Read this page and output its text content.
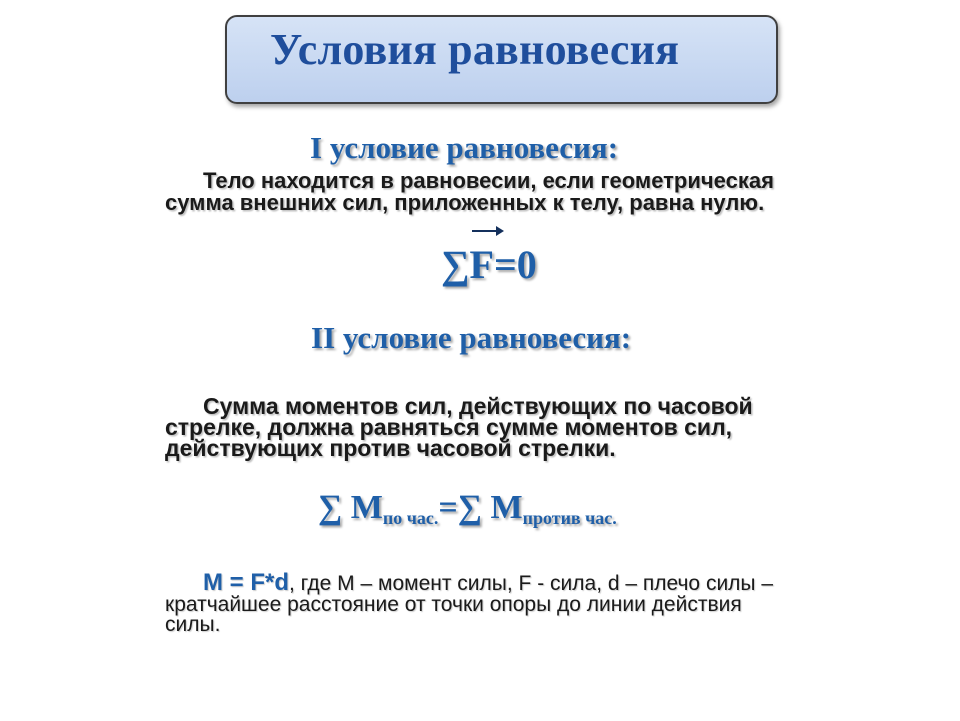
Условия равновесия
I условие равновесия:
Тело находится в равновесии, если геометрическая
сумма внешних сил, приложенных к телу, равна нулю.
∑F=0
II условие равновесия:
Сумма моментов сил, действующих по часовой
стрелке, должна равняться сумме моментов сил,
действующих против часовой стрелки.
∑ $M_{по час.}=\sum$ $M_{против час.}$
M = F*d, где М – момент силы, F - сила, d – плечо силы –
кратчайшее расстояние от точки опоры до линии действия
силы.
